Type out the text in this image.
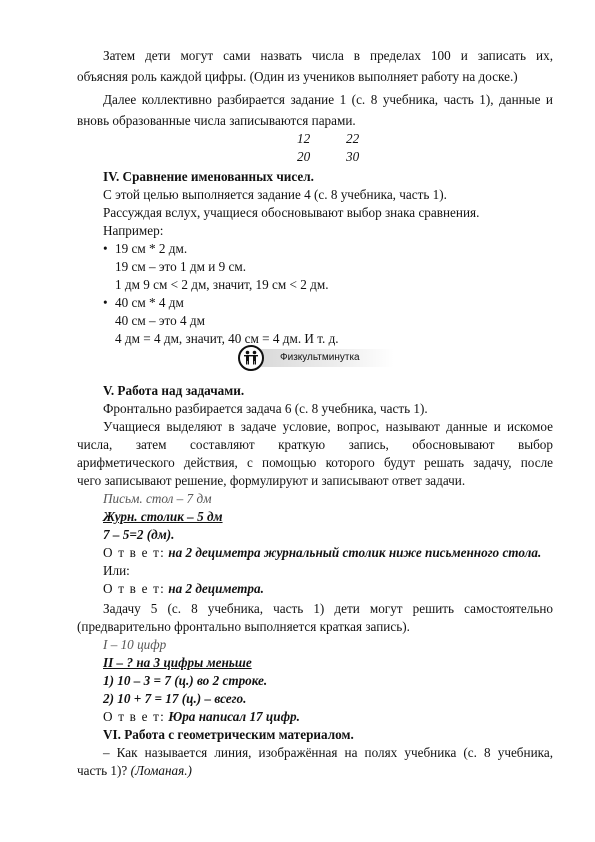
Затем дети могут сами назвать числа в пределах 100 и записать их,
объясняя роль каждой цифры. (Один из учеников выполняет работу на доске.)
Далее коллективно разбирается задание 1 (с. 8 учебника, часть 1), данные и
вновь образованные числа записываются парами.
12	22
20	30
IV. Сравнение именованных чисел.
С этой целью выполняется задание 4 (с. 8 учебника, часть 1).
Рассуждая вслух, учащиеся обосновывают выбор знака сравнения.
Например:
• 19 см * 2 дм.
19 см – это 1 дм и 9 см.
1 дм 9 см < 2 дм, значит, 19 см < 2 дм.
• 40 см * 4 дм
40 см – это 4 дм
4 дм = 4 дм, значит, 40 см = 4 дм. И т. д.
Физкультминутка
V. Работа над задачами.
Фронтально разбирается задача 6 (с. 8 учебника, часть 1).
Учащиеся выделяют в задаче условие, вопрос, называют данные и искомое
числа, затем составляют краткую запись, обосновывают выбор
арифметического действия, с помощью которого будут решать задачу, после
чего записывают решение, формулируют и записывают ответ задачи.
Письм. стол – 7 дм
Журн. столик – 5 дм
7 – 5=2 (дм).
О т в е т: на 2 дециметра журнальный столик ниже письменного стола.
Или:
О т в е т: на 2 дециметра.
Задачу 5 (с. 8 учебника, часть 1) дети могут решить самостоятельно
(предварительно фронтально выполняется краткая запись).
I – 10 цифр
II – ? на 3 цифры меньше
1) 10 – 3 = 7 (ц.) во 2 строке.
2) 10 + 7 = 17 (ц.) – всего.
О т в е т: Юра написал 17 цифр.
VI. Работа с геометрическим материалом.
– Как называется линия, изображённая на полях учебника (с. 8 учебника,
часть 1)? (Ломаная.)
